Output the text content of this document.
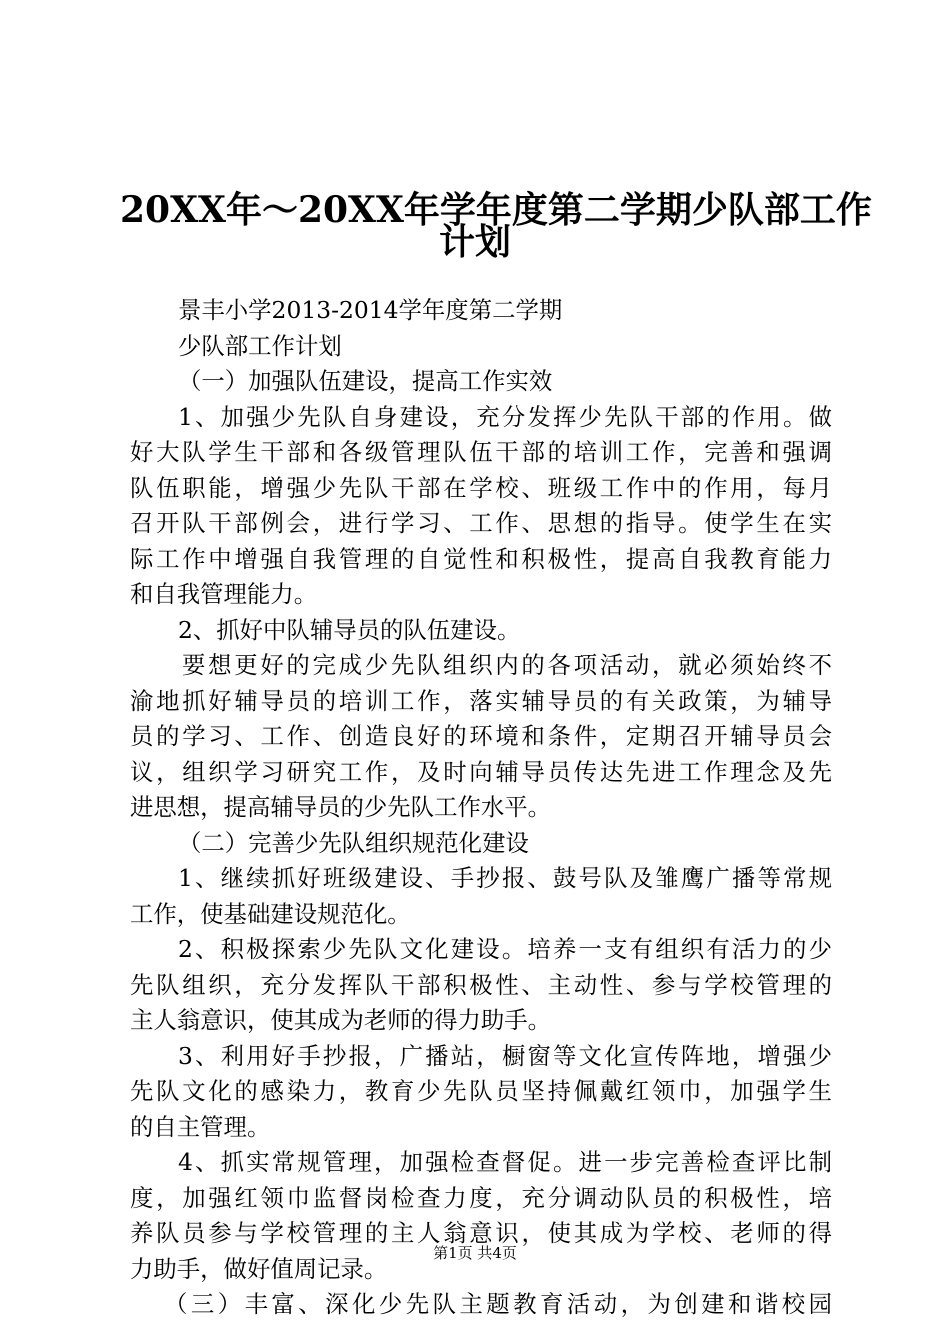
20XX年～20XX年学年度第二学期少队部工作
计划
景丰小学2013-2014学年度第二学期
少队部工作计划
（一）加强队伍建设，提高工作实效
1、加强少先队自身建设，充分发挥少先队干部的作用。做
好大队学生干部和各级管理队伍干部的培训工作，完善和强调
队伍职能，增强少先队干部在学校、班级工作中的作用，每月
召开队干部例会，进行学习、工作、思想的指导。使学生在实
际工作中增强自我管理的自觉性和积极性，提高自我教育能力
和自我管理能力。
2、抓好中队辅导员的队伍建设。
要想更好的完成少先队组织内的各项活动，就必须始终不
渝地抓好辅导员的培训工作，落实辅导员的有关政策，为辅导
员的学习、工作、创造良好的环境和条件，定期召开辅导员会
议，组织学习研究工作，及时向辅导员传达先进工作理念及先
进思想，提高辅导员的少先队工作水平。
（二）完善少先队组织规范化建设
1、继续抓好班级建设、手抄报、鼓号队及雏鹰广播等常规
工作，使基础建设规范化。
2、积极探索少先队文化建设。培养一支有组织有活力的少
先队组织，充分发挥队干部积极性、主动性、参与学校管理的
主人翁意识，使其成为老师的得力助手。
3、利用好手抄报，广播站，橱窗等文化宣传阵地，增强少
先队文化的感染力，教育少先队员坚持佩戴红领巾，加强学生
的自主管理。
4、抓实常规管理，加强检查督促。进一步完善检查评比制
度，加强红领巾监督岗检查力度，充分调动队员的积极性，培
养队员参与学校管理的主人翁意识，使其成为学校、老师的得
力助手，做好值周记录。
（三）丰富、深化少先队主题教育活动，为创建和谐校园
第1页 共4页
